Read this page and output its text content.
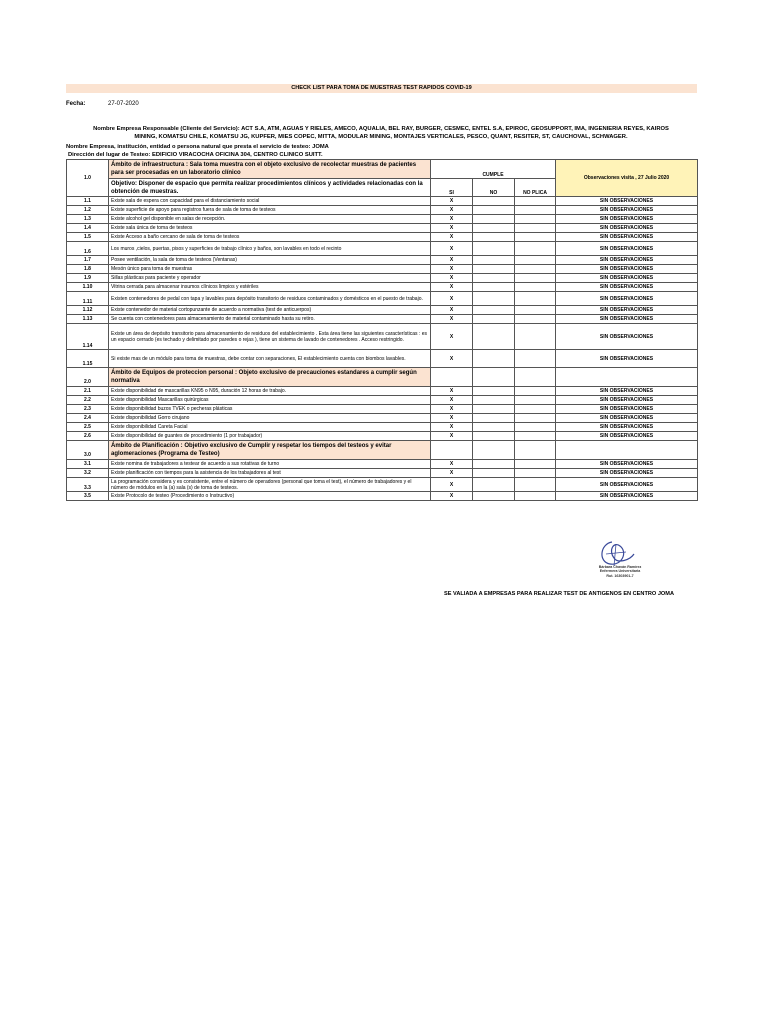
CHECK LIST PARA TOMA DE MUESTRAS TEST RAPIDOS COVID-19
Fecha:	27-07-2020
Nombre Empresa Responsable (Cliente del Servicio): ACT S.A, ATM, AGUAS Y RIELES, AMECO, AQUALIA, BEL RAY, BURGER, CESMEC, ENTEL S.A, EPIROC, GEOSUPPORT, IMA, INGENIERIA REYES, KAIROS
MINING, KOMATSU CHILE, KOMATSU JG, KUPFER, MIES COPEC, MITTA, MODULAR MINING, MONTAJES VERTICALES, PESCO, QUANT, RESITER, ST, CAUCHOVAL, SCHWAGER.
Nombre Empresa, institución, entidad o persona natural que presta el servicio de testeo: JOMA
Dirección del lugar de Testeo: EDIFICIO VIRACOCHA OFICINA 304, CENTRO CLINICO SUITT.
1.0	Ámbito de infraestructura : Sala toma muestra con el objeto exclusivo de recolectar muestras de pacientes para ser procesadas en un laboratorio clínico	CUMPLE			Observaciones visita , 27 Julio 2020
	Objetivo: Disponer de espacio que permita realizar procedimientos clínicos y actividades relacionadas con la obtención de muestras.	SI	NO	NO PLICA	
1.1	Existe sala de espera con capacidad para el distanciamiento social	X			SIN OBSERVACIONES
1.2	Existe superficie de apoyo para registros fuera de sala de toma de testeos	X			SIN OBSERVACIONES
1.3	Existe alcohol gel disponible en salas de recepción.	X			SIN OBSERVACIONES
1.4	Existe sala única de toma de testeos	X			SIN OBSERVACIONES
1.5	Existe Acceso a baño cercano de sala de toma de testeos	X			SIN OBSERVACIONES
1.6	Los muros ,cielos, puertas, pisos y superficies de trabajo clínico y baños, son lavables en todo el recinto	X			SIN OBSERVACIONES
1.7	Posee ventilación, la sala de toma de testeos (Ventanas)	X			SIN OBSERVACIONES
1.8	Mesón único para toma de muestras	X			SIN OBSERVACIONES
1.9	Sillas plásticas para paciente y operador	X			SIN OBSERVACIONES
1.10	Vitrina cerrada para almacenar insumos clínicos limpios y estériles	X			SIN OBSERVACIONES
1.11	Existen contenedores de pedal con tapa y lavables para depósito transitorio de residuos contaminados y domésticos en el puesto de trabajo.	X			SIN OBSERVACIONES
1.12	Existe contenedor de material cortopunzante de acuerdo a normativa (test de anticuerpos)	X			SIN OBSERVACIONES
1.13	Se cuenta con contenedores para almacenamiento de material contaminado hasta su retiro.	X			SIN OBSERVACIONES
1.14	Existe un área de depósito transitorio para almacenamiento de residuos del establecimiento . Esta área tiene las siguientes características : es un espacio cerrado (es techado y delimitado por paredes o rejas ), tiene un sistema de lavado de contenedores . Acceso restringido.	X			SIN OBSERVACIONES
1.15	Si existe mas de un módulo para toma de muestras, debe contar con separaciones, El establecimiento cuenta con biombos lavables.	X			SIN OBSERVACIONES
2.0	Ámbito de Equipos de proteccion personal : Objeto exclusivo de precauciones estandares a cumplir según normativa				
2.1	Existe disponibilidad de mascarillas KN95 o N95, duración 12 horas de trabajo.	X			SIN OBSERVACIONES
2.2	Existe disponibilidad Mascarillas quirúrgicas	X			SIN OBSERVACIONES
2.3	Existe disponibilidad buzos TVEK o pecheras plásticas	X			SIN OBSERVACIONES
2.4	Existe disponibilidad Gorro cirujano	X			SIN OBSERVACIONES
2.5	Existe disponibilidad Careta Facial	X			SIN OBSERVACIONES
2.6	Existe disponibilidad de guantes de procedimiento (1 por trabajador)	X			SIN OBSERVACIONES
3.0	Ámbito de Planificación : Objetivo exclusivo de Cumplir y respetar los tiempos del testeos y evitar aglomeraciones (Programa de Testeo)				
3.1	Existe nomina de trabajadores a testear de acuerdo a sus rotativas de turno	X			SIN OBSERVACIONES
3.2	Existe planificación con tiempos para la asistencia de los trabajadores al test	X			SIN OBSERVACIONES
3.3	La programación considera y es consistente, entre el número de operadores (personal que toma el test), el número de trabajadores y el número de módulos en la (a) sala (s) de toma de testeos.	X			SIN OBSERVACIONES
3.5	Existe Protocolo de testeo (Procedimiento o Instructivo)	X			SIN OBSERVACIONES
Bárbara Chaván Ramírez
Enfermera Universitaria
Rut. 16303901-7
SE VALIADA A EMPRESAS PARA REALIZAR TEST DE ANTIGENOS EN CENTRO JOMA
